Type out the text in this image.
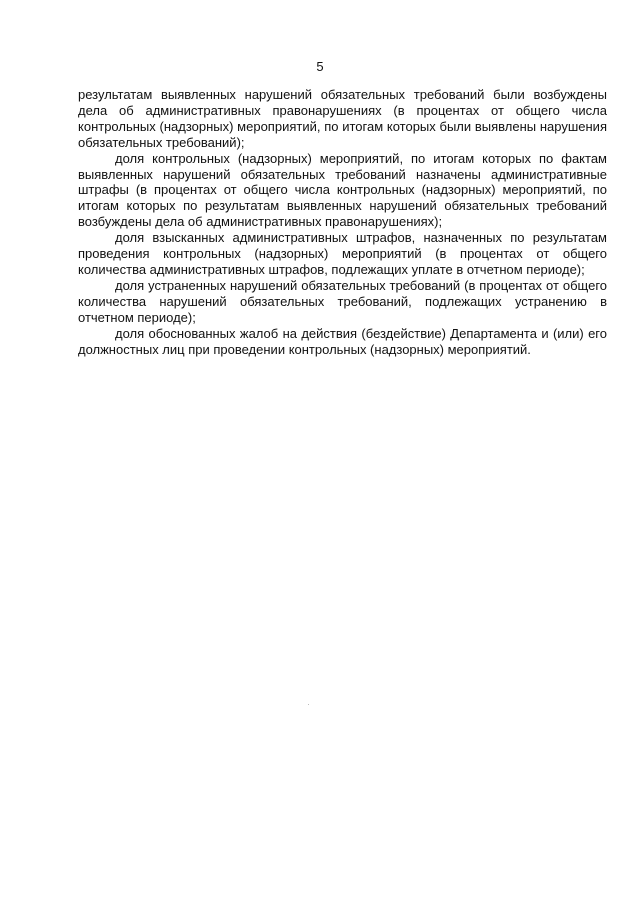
5

результатам выявленных нарушений обязательных требований были возбуждены дела об административных правонарушениях (в процентах от общего числа контрольных (надзорных) мероприятий, по итогам которых были выявлены нарушения обязательных требований);

доля контрольных (надзорных) мероприятий, по итогам которых по фактам выявленных нарушений обязательных требований назначены административные штрафы (в процентах от общего числа контрольных (надзорных) мероприятий, по итогам которых по результатам выявленных нарушений обязательных требований возбуждены дела об административных правонарушениях);

доля взысканных административных штрафов, назначенных по результатам проведения контрольных (надзорных) мероприятий (в процентах от общего количества административных штрафов, подлежащих уплате в отчетном периоде);

доля устраненных нарушений обязательных требований (в процентах от общего количества нарушений обязательных требований, подлежащих устранению в отчетном периоде);

доля обоснованных жалоб на действия (бездействие) Департамента и (или) его должностных лиц при проведении контрольных (надзорных) мероприятий.
